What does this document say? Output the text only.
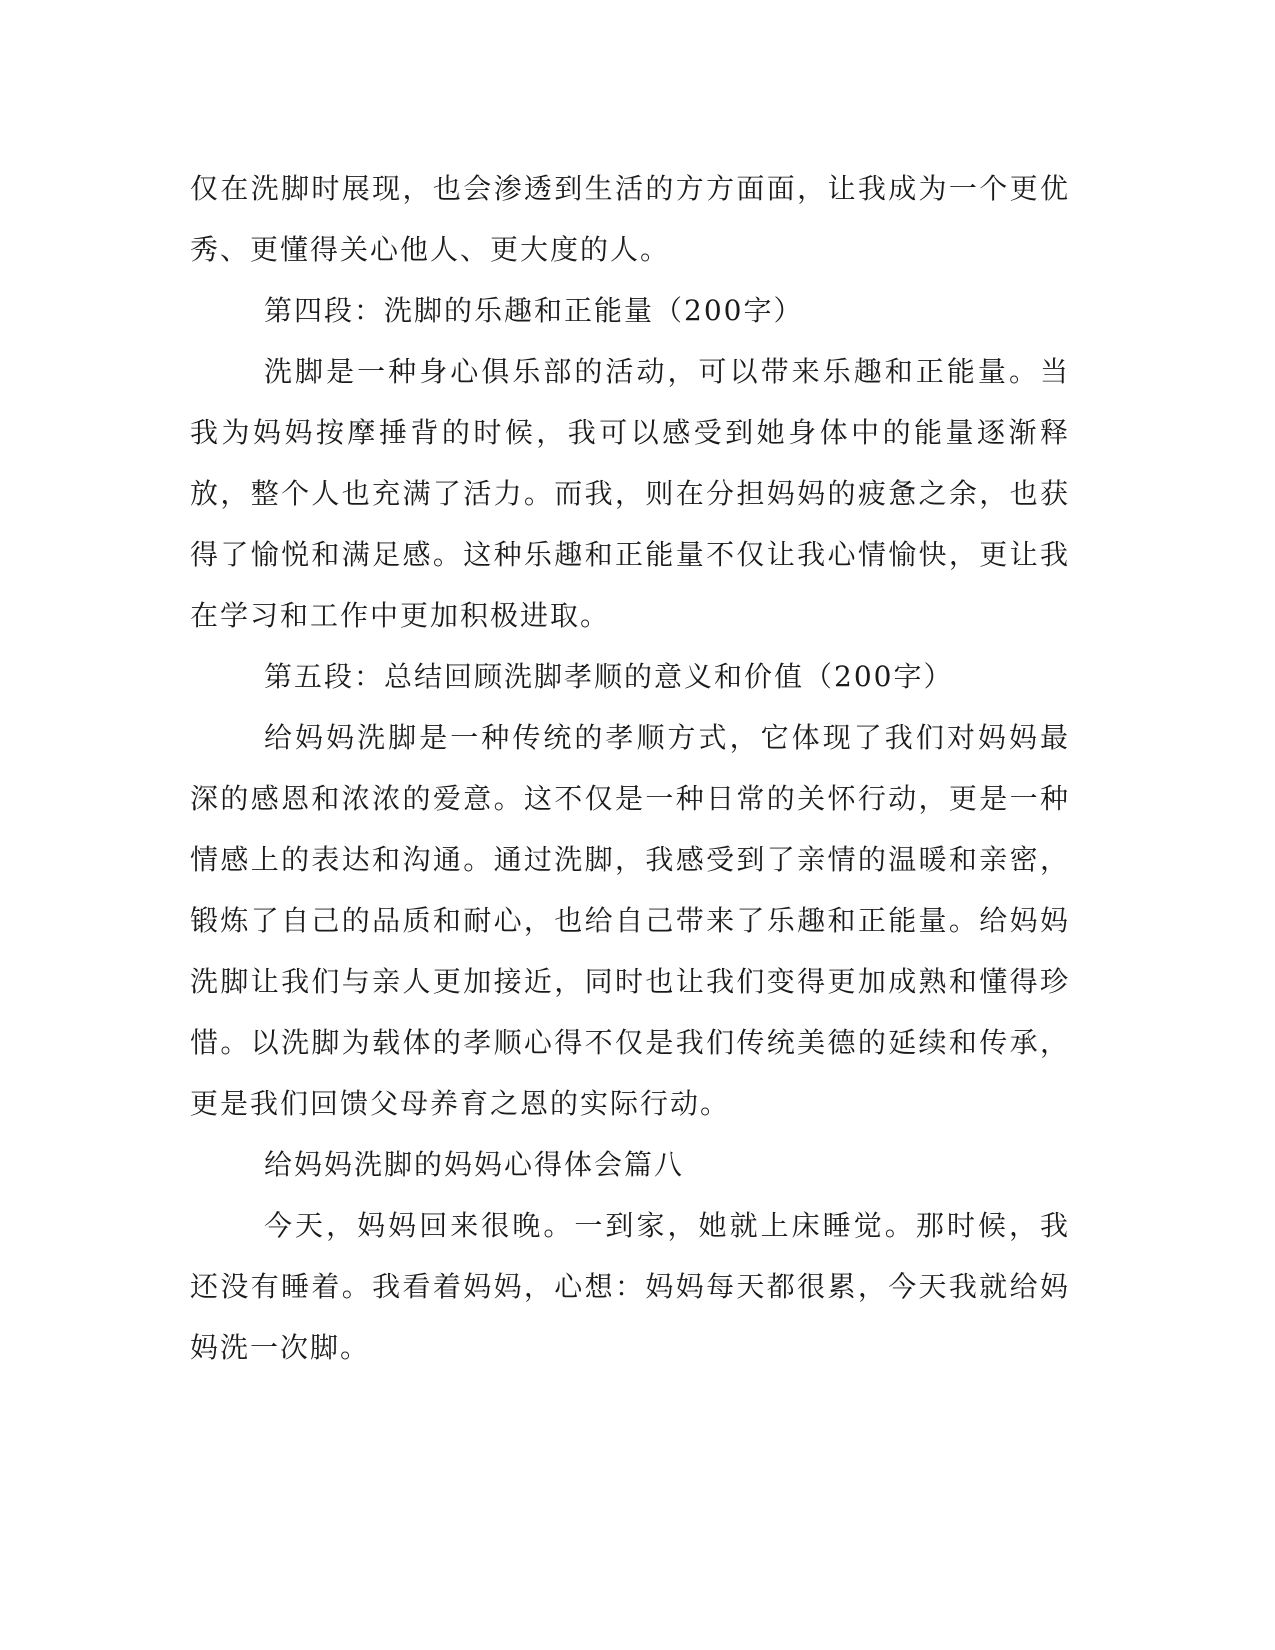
仅在洗脚时展现，也会渗透到生活的方方面面，让我成为一个更优秀、更懂得关心他人、更大度的人。

第四段：洗脚的乐趣和正能量（200字）

洗脚是一种身心俱乐部的活动，可以带来乐趣和正能量。当我为妈妈按摩捶背的时候，我可以感受到她身体中的能量逐渐释放，整个人也充满了活力。而我，则在分担妈妈的疲惫之余，也获得了愉悦和满足感。这种乐趣和正能量不仅让我心情愉快，更让我在学习和工作中更加积极进取。

第五段：总结回顾洗脚孝顺的意义和价值（200字）

给妈妈洗脚是一种传统的孝顺方式，它体现了我们对妈妈最深的感恩和浓浓的爱意。这不仅是一种日常的关怀行动，更是一种情感上的表达和沟通。通过洗脚，我感受到了亲情的温暖和亲密，锻炼了自己的品质和耐心，也给自己带来了乐趣和正能量。给妈妈洗脚让我们与亲人更加接近，同时也让我们变得更加成熟和懂得珍惜。以洗脚为载体的孝顺心得不仅是我们传统美德的延续和传承，更是我们回馈父母养育之恩的实际行动。

给妈妈洗脚的妈妈心得体会篇八

今天，妈妈回来很晚。一到家，她就上床睡觉。那时候，我还没有睡着。我看着妈妈，心想：妈妈每天都很累，今天我就给妈妈洗一次脚。
